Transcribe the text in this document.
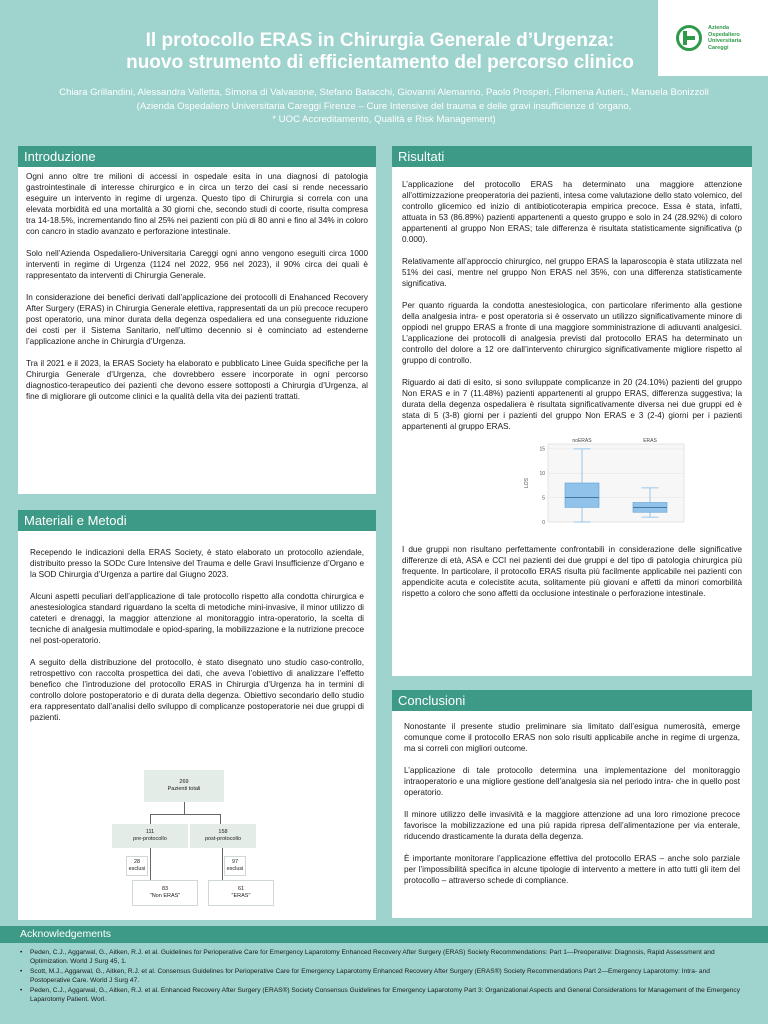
Il protocollo ERAS in Chirurgia Generale d’Urgenza:
nuovo strumento di efficientamento del percorso clinico
Azienda
Ospedaliero
Universitaria
Careggi
Chiara Grillandini, Alessandra Valletta, Simona di Valvasone, Stefano Batacchi, Giovanni Alemanno, Paolo Prosperi, Filomena Autieri., Manuela Bonizzoli
(Azienda Ospedaliero Universitaria Careggi Firenze – Cure Intensive del trauma e delle gravi insufficienze d ‘organo,
* UOC Accreditamento, Qualità e Risk Management)
Introduzione

Ogni anno oltre tre milioni di accessi in ospedale esita in una diagnosi di patologia gastrointestinale di interesse chirurgico e in circa un terzo dei casi si rende necessario eseguire un intervento in regime di urgenza. Questo tipo di Chirurgia si correla con una elevata morbidità ed una mortalità a 30 giorni che, secondo studi di coorte, risulta compresa tra 14-18.5%, incrementando fino al 25% nei pazienti con più di 80 anni e fino al 34% in coloro con cancro in stadio avanzato e perforazione intestinale.

Solo nell’Azienda Ospedaliero-Universitaria Careggi ogni anno vengono eseguiti circa 1000 interventi in regime di Urgenza (1124 nel 2022, 956 nel 2023), il 90% circa dei quali è rappresentato da interventi di Chirurgia Generale.

In considerazione dei benefici derivati dall’applicazione dei protocolli di Enahanced Recovery After Surgery (ERAS) in Chirurgia Generale elettiva, rappresentati da un più precoce recupero post operatorio, una minor durata della degenza ospedaliera ed una conseguente riduzione dei costi per il Sistema Sanitario, nell’ultimo decennio si è cominciato ad estenderne l’applicazione anche in Chirurgia d’Urgenza.

Tra il 2021 e il 2023, la ERAS Society ha elaborato e pubblicato Linee Guida specifiche per la Chirurgia Generale d’Urgenza, che dovrebbero essere incorporate in ogni percorso diagnostico-terapeutico dei pazienti che devono essere sottoposti a Chirurgia d’Urgenza, al fine di migliorare gli outcome clinici e la qualità della vita dei pazienti trattati.

Materiali e Metodi

Recependo le indicazioni della ERAS Society, è stato elaborato un protocollo aziendale, distribuito presso la SODc Cure Intensive del Trauma e delle Gravi Insufficienze d’Organo e la SOD Chirurgia d’Urgenza a partire dal Giugno 2023.

Alcuni aspetti peculiari dell’applicazione di tale protocollo rispetto alla condotta chirurgica e anestesiologica standard riguardano la scelta di metodiche mini-invasive, il minor utilizzo di cateteri e drenaggi, la maggior attenzione al monitoraggio intra-operatorio, la scelta di tecniche di analgesia multimodale e opiod-sparing, la mobilizzazione e la nutrizione precoce nel post-operatorio.

A seguito della distribuzione del protocollo, è stato disegnato uno studio caso-controllo, retrospettivo con raccolta prospettica dei dati, che aveva l’obiettivo di analizzare l’effetto benefico che l’introduzione del protocollo ERAS in Chirurgia d’Urgenza ha in termini di controllo dolore postoperatorio e di durata della degenza. Obiettivo secondario dello studio era rappresentato dall’analisi dello sviluppo di complicanze postoperatorie nei due gruppi di pazienti.

269
Pazienti totali
111
pre-protocollo
158
post-protocollo
28
esclusi
97
esclusi
83
"Non ERAS"
61
"ERAS"
Risultati

L’applicazione del protocollo ERAS ha determinato una maggiore attenzione all’ottimizzazione preoperatoria dei pazienti, intesa come valutazione dello stato volemico, del controllo glicemico ed inizio di antibioticoterapia empirica precoce. Essa è stata, infatti, attuata in 53 (86.89%) pazienti appartenenti a questo gruppo e solo in 24 (28.92%) di coloro appartenenti al gruppo Non ERAS; tale differenza è risultata statisticamente significativa (p 0.000).

Relativamente all’approccio chirurgico, nel gruppo ERAS la laparoscopia è stata utilizzata nel 51% dei casi, mentre nel gruppo Non ERAS nel 35%, con una differenza statisticamente significativa.

Per quanto riguarda la condotta anestesiologica, con particolare riferimento alla gestione della analgesia intra- e post operatoria si è osservato un utilizzo significativamente minore di oppiodi nel gruppo ERAS a fronte di una maggiore somministrazione di adiuvanti analgesici. L’applicazione dei protocolli di analgesia previsti dal protocollo ERAS ha determinato un controllo del dolore a 12 ore dall’intervento chirurgico significativamente migliore rispetto al gruppo di controllo.

Riguardo ai dati di esito, si sono sviluppate complicanze in 20 (24.10%) pazienti del gruppo Non ERAS e in 7 (11.48%) pazienti appartenenti al gruppo ERAS, differenza suggestiva; la durata della degenza ospedaliera è risultata significativamente diversa nei due gruppi ed è stata di 5 (3-8) giorni per i pazienti del gruppo Non ERAS e 3 (2-4) giorni per i pazienti appartenenti al gruppo ERAS.

0
5
10
15
LOS
noERAS	ERAS

I due gruppi non risultano perfettamente confrontabili in considerazione delle significative differenze di età, ASA e CCI nei pazienti dei due gruppi e del tipo di patologia chirurgica più frequente. In particolare, il protocollo ERAS risulta più facilmente applicabile nei pazienti con appendicite acuta e colecistite acuta, solitamente più giovani e affetti da minori comorbilità rispetto a coloro che sono affetti da occlusione intestinale o perforazione intestinale.

Conclusioni

Nonostante il presente studio preliminare sia limitato dall’esigua numerosità, emerge comunque come il protocollo ERAS non solo risulti applicabile anche in regime di urgenza, ma si correli con migliori outcome.

L’applicazione di tale protocollo determina una implementazione del monitoraggio intraoperatorio e una migliore gestione dell’analgesia sia nel periodo intra- che in quello post operatorio.

Il minore utilizzo delle invasività e la maggiore attenzione ad una loro rimozione precoce favorisce la mobilizzazione ed una più rapida ripresa dell’alimentazione per via enterale, riducendo drasticamente la durata della degenza.

È importante monitorare l’applicazione effettiva del protocollo ERAS – anche solo parziale per l’impossibilità specifica in alcune tipologie di intervento a mettere in atto tutti gli item del protocollo – attraverso schede di compliance.

Acknowledgements
• Peden, C.J., Aggarwal, G., Aitken, R.J. et al. Guidelines for Perioperative Care for Emergency Laparotomy Enhanced Recovery After Surgery (ERAS) Society Recommendations: Part 1—Preoperative: Diagnosis, Rapid Assessment and Optimization. World J Surg 45, 1.
• Scott, M.J., Aggarwal, G., Aitken, R.J. et al. Consensus Guidelines for Perioperative Care for Emergency Laparotomy Enhanced Recovery After Surgery (ERAS®) Society Recommendations Part 2—Emergency Laparotomy: Intra- and Postoperative Care. World J Surg 47.
• Peden, C.J., Aggarwal, G., Aitken, R.J. et al. Enhanced Recovery After Surgery (ERAS®) Society Consensus Guidelines for Emergency Laparotomy Part 3: Organizational Aspects and General Considerations for Management of the Emergency Laparotomy Patient. Worl.
